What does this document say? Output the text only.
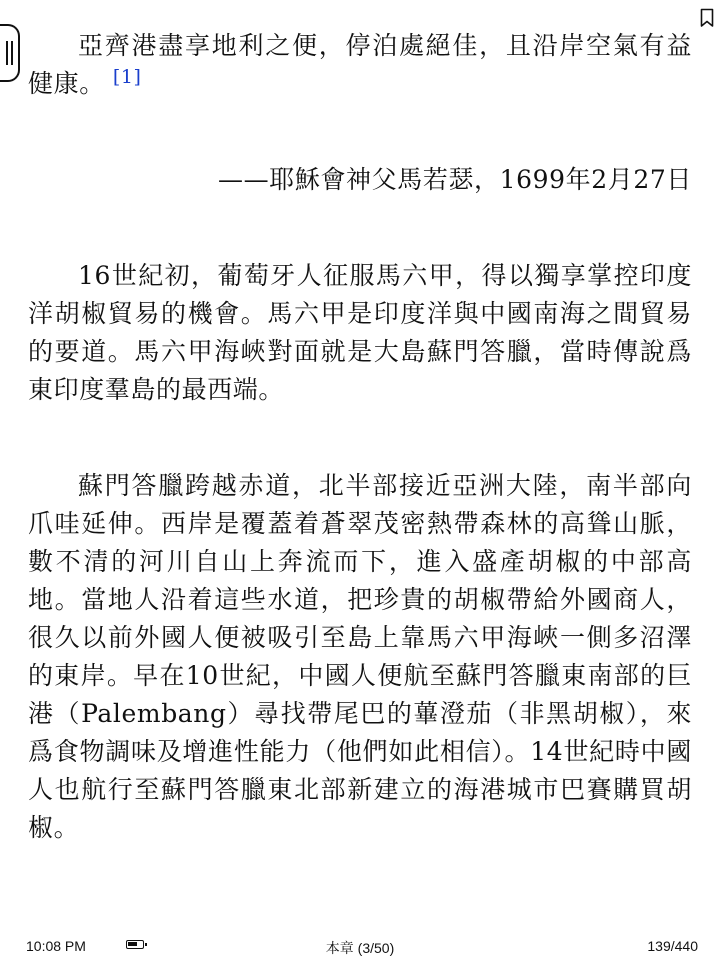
亞齊港盡享地利之便，停泊處絕佳，且沿岸空氣有益健康。 [1]

——耶穌會神父馬若瑟，1699年2月27日

16世紀初，葡萄牙人征服馬六甲，得以獨享掌控印度洋胡椒貿易的機會。馬六甲是印度洋與中國南海之間貿易的要道。馬六甲海峽對面就是大島蘇門答臘，當時傳說爲東印度羣島的最西端。

蘇門答臘跨越赤道，北半部接近亞洲大陸，南半部向爪哇延伸。西岸是覆蓋着蒼翠茂密熱帶森林的高聳山脈，數不清的河川自山上奔流而下，進入盛產胡椒的中部高地。當地人沿着這些水道，把珍貴的胡椒帶給外國商人，很久以前外國人便被吸引至島上靠馬六甲海峽一側多沼澤的東岸。早在10世紀，中國人便航至蘇門答臘東南部的巨港（Palembang）尋找帶尾巴的蓽澄茄（非黑胡椒），來爲食物調味及增進性能力（他們如此相信）。14世紀時中國人也航行至蘇門答臘東北部新建立的海港城市巴賽購買胡椒。

10:08 PM	本章 (3/50)	139/440
